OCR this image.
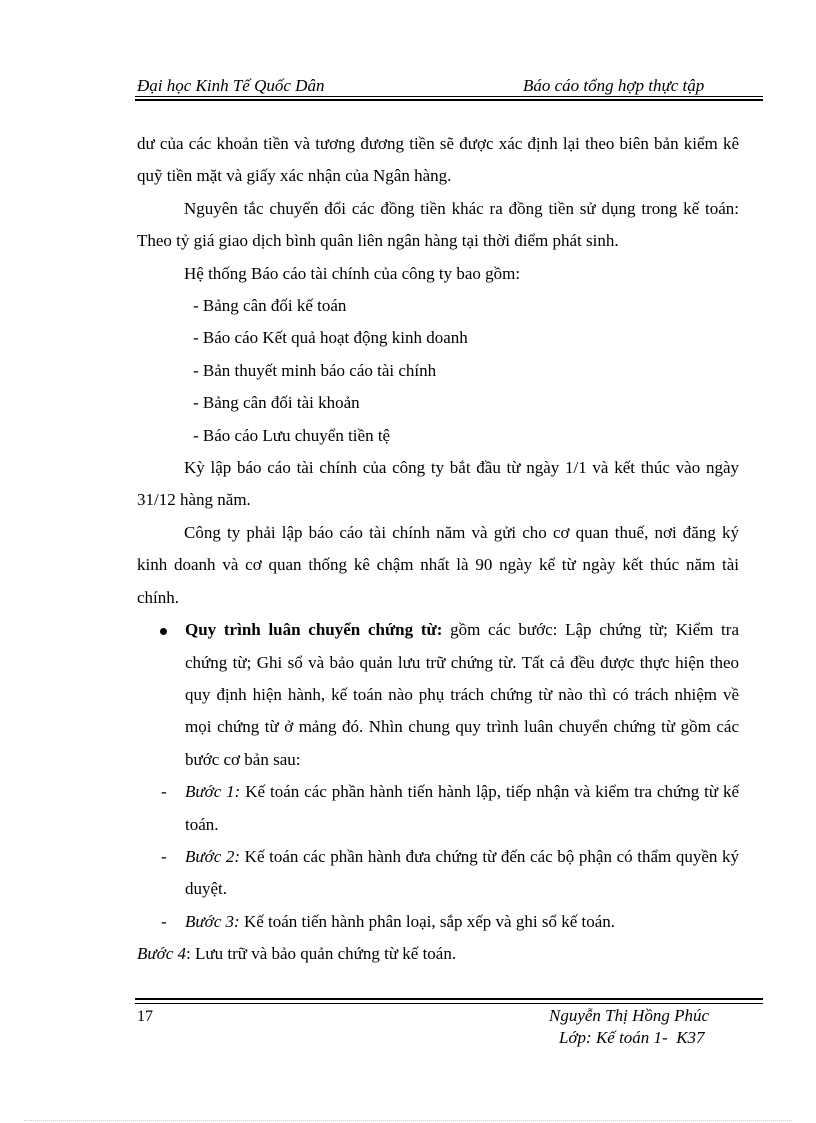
Đại học Kinh Tế Quốc Dân	Báo cáo tổng hợp thực tập

dư của các khoản tiền và tương đương tiền sẽ được xác định lại theo biên bản kiểm kê quỹ tiền mặt và giấy xác nhận của Ngân hàng.

Nguyên tắc chuyển đổi các đồng tiền khác ra đồng tiền sử dụng trong kế toán: Theo tỷ giá giao dịch bình quân liên ngân hàng tại thời điểm phát sinh.

Hệ thống Báo cáo tài chính của công ty bao gồm:

- Bảng cân đối kế toán

- Báo cáo Kết quả hoạt động kinh doanh

- Bản thuyết minh báo cáo tài chính

- Bảng cân đối tài khoản

- Báo cáo Lưu chuyển tiền tệ

Kỳ lập báo cáo tài chính của công ty bắt đầu từ ngày 1/1 và kết thúc vào ngày 31/12 hàng năm.

Công ty phải lập báo cáo tài chính năm và gửi cho cơ quan thuế, nơi đăng ký kinh doanh và cơ quan thống kê chậm nhất là 90 ngày kể từ ngày kết thúc năm tài chính.

Quy trình luân chuyển chứng từ: gồm các bước: Lập chứng từ; Kiểm tra chứng từ; Ghi sổ và bảo quản lưu trữ chứng từ. Tất cả đều được thực hiện theo quy định hiện hành, kế toán nào phụ trách chứng từ nào thì có trách nhiệm về mọi chứng từ ở mảng đó. Nhìn chung quy trình luân chuyển chứng từ gồm các bước cơ bản sau:
- Bước 1: Kế toán các phần hành tiến hành lập, tiếp nhận và kiểm tra chứng từ kế toán.
- Bước 2: Kế toán các phần hành đưa chứng từ đến các bộ phận có thẩm quyền ký duyệt.
- Bước 3: Kế toán tiến hành phân loại, sắp xếp và ghi sổ kế toán.

Bước 4: Lưu trữ và bảo quản chứng từ kế toán.

17	Nguyễn Thị Hồng Phúc
Lớp: Kế toán 1-  K37
